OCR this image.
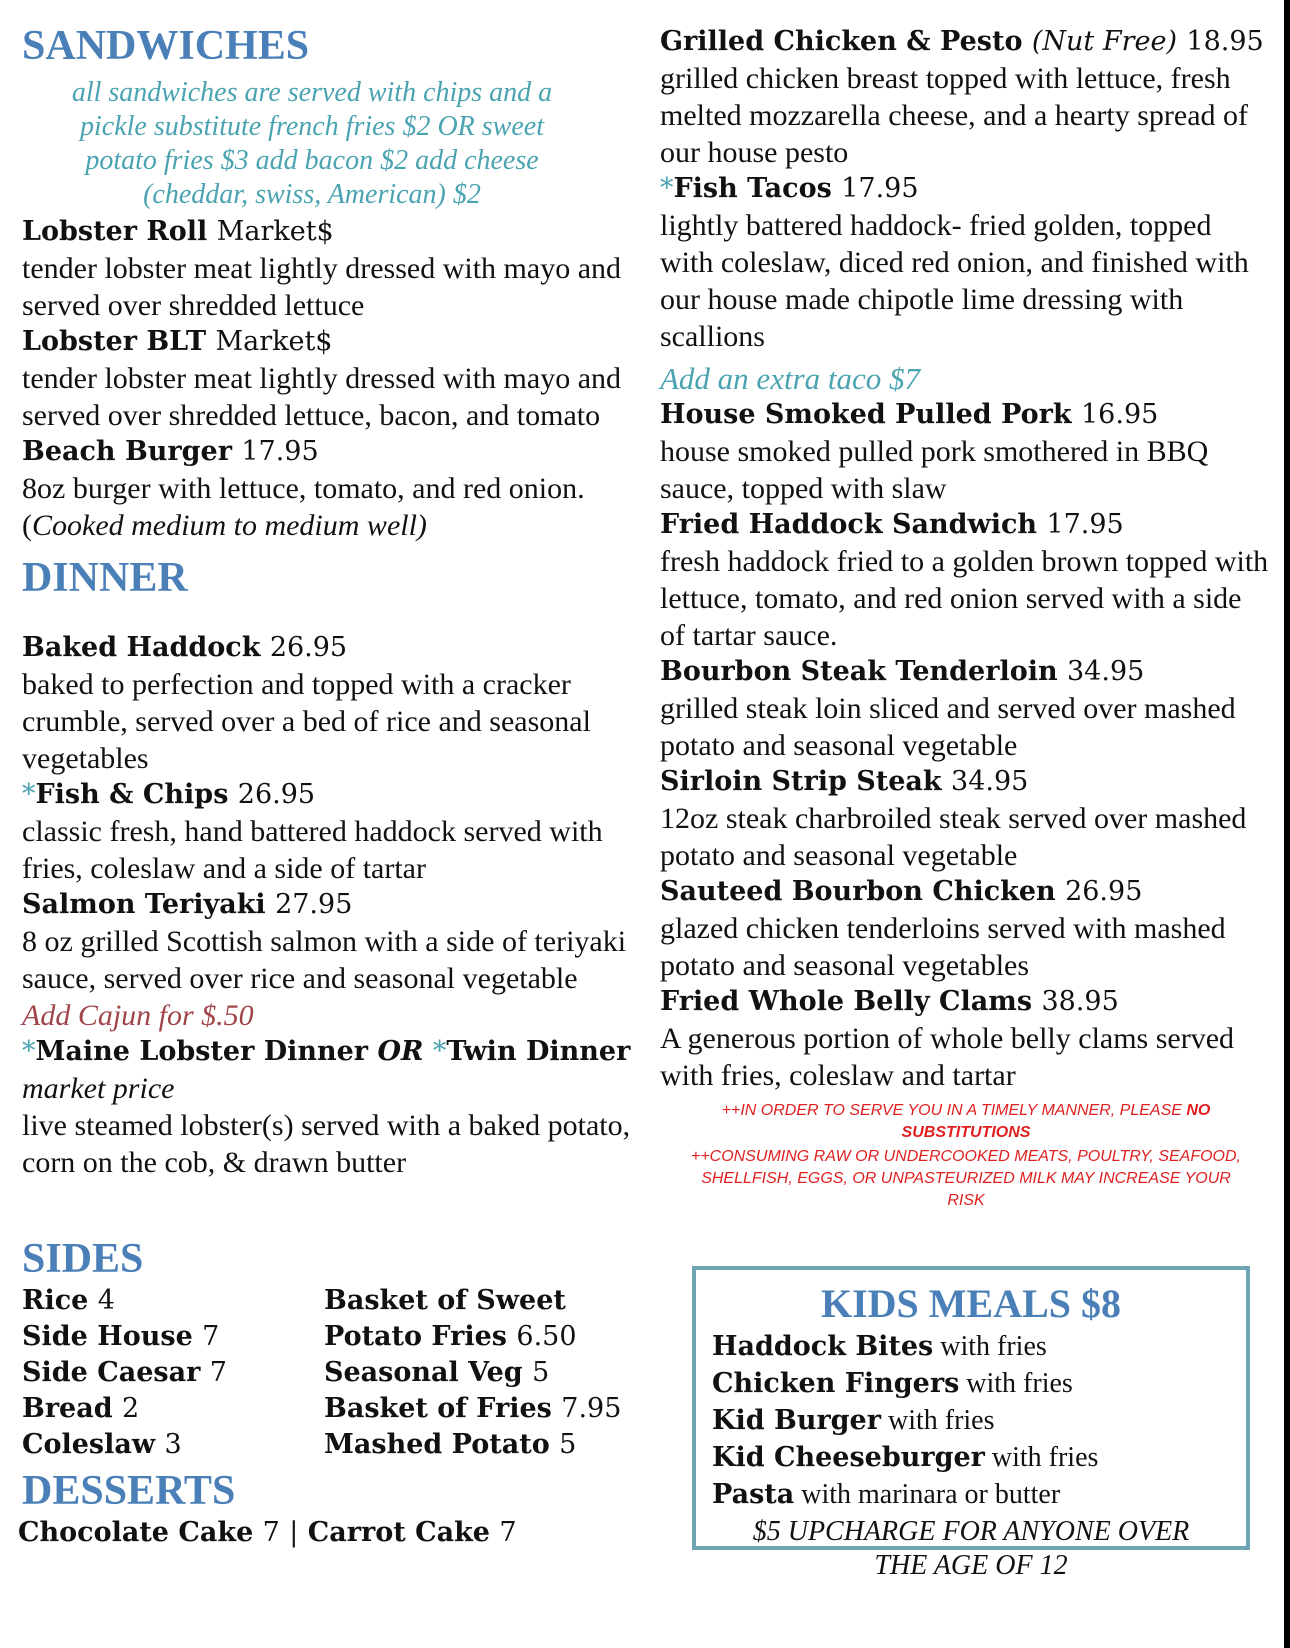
SANDWICHES
all sandwiches are served with chips and a pickle substitute french fries $2 OR sweet potato fries $3 add bacon $2 add cheese (cheddar, swiss, American) $2
Lobster Roll Market$
tender lobster meat lightly dressed with mayo and served over shredded lettuce
Lobster BLT Market$
tender lobster meat lightly dressed with mayo and served over shredded lettuce, bacon, and tomato
Beach Burger 17.95
8oz burger with lettuce, tomato, and red onion. (Cooked medium to medium well)
DINNER
Baked Haddock 26.95
baked to perfection and topped with a cracker crumble, served over a bed of rice and seasonal vegetables
*Fish & Chips 26.95
classic fresh, hand battered haddock served with fries, coleslaw and a side of tartar
Salmon Teriyaki 27.95
8 oz grilled Scottish salmon with a side of teriyaki sauce, served over rice and seasonal vegetable Add Cajun for $.50
*Maine Lobster Dinner OR *Twin Dinner
market price
live steamed lobster(s) served with a baked potato, corn on the cob, & drawn butter
SIDES
Rice 4
Side House 7
Side Caesar 7
Bread 2
Coleslaw 3
Basket of Sweet
Potato Fries 6.50
Seasonal Veg 5
Basket of Fries 7.95
Mashed Potato 5
DESSERTS
Chocolate Cake 7 | Carrot Cake 7
Grilled Chicken & Pesto (Nut Free) 18.95
grilled chicken breast topped with lettuce, fresh melted mozzarella cheese, and a hearty spread of our house pesto
*Fish Tacos 17.95
lightly battered haddock- fried golden, topped with coleslaw, diced red onion, and finished with our house made chipotle lime dressing with scallions
Add an extra taco $7
House Smoked Pulled Pork 16.95
house smoked pulled pork smothered in BBQ sauce, topped with slaw
Fried Haddock Sandwich 17.95
fresh haddock fried to a golden brown topped with lettuce, tomato, and red onion served with a side of tartar sauce.
Bourbon Steak Tenderloin 34.95
grilled steak loin sliced and served over mashed potato and seasonal vegetable
Sirloin Strip Steak 34.95
12oz steak charbroiled steak served over mashed potato and seasonal vegetable
Sauteed Bourbon Chicken 26.95
glazed chicken tenderloins served with mashed potato and seasonal vegetables
Fried Whole Belly Clams 38.95
A generous portion of whole belly clams served with fries, coleslaw and tartar
++IN ORDER TO SERVE YOU IN A TIMELY MANNER, PLEASE NO SUBSTITUTIONS
++CONSUMING RAW OR UNDERCOOKED MEATS, POULTRY, SEAFOOD, SHELLFISH, EGGS, OR UNPASTEURIZED MILK MAY INCREASE YOUR RISK
KIDS MEALS $8
Haddock Bites with fries
Chicken Fingers with fries
Kid Burger with fries
Kid Cheeseburger with fries
Pasta with marinara or butter
$5 UPCHARGE FOR ANYONE OVER THE AGE OF 12
